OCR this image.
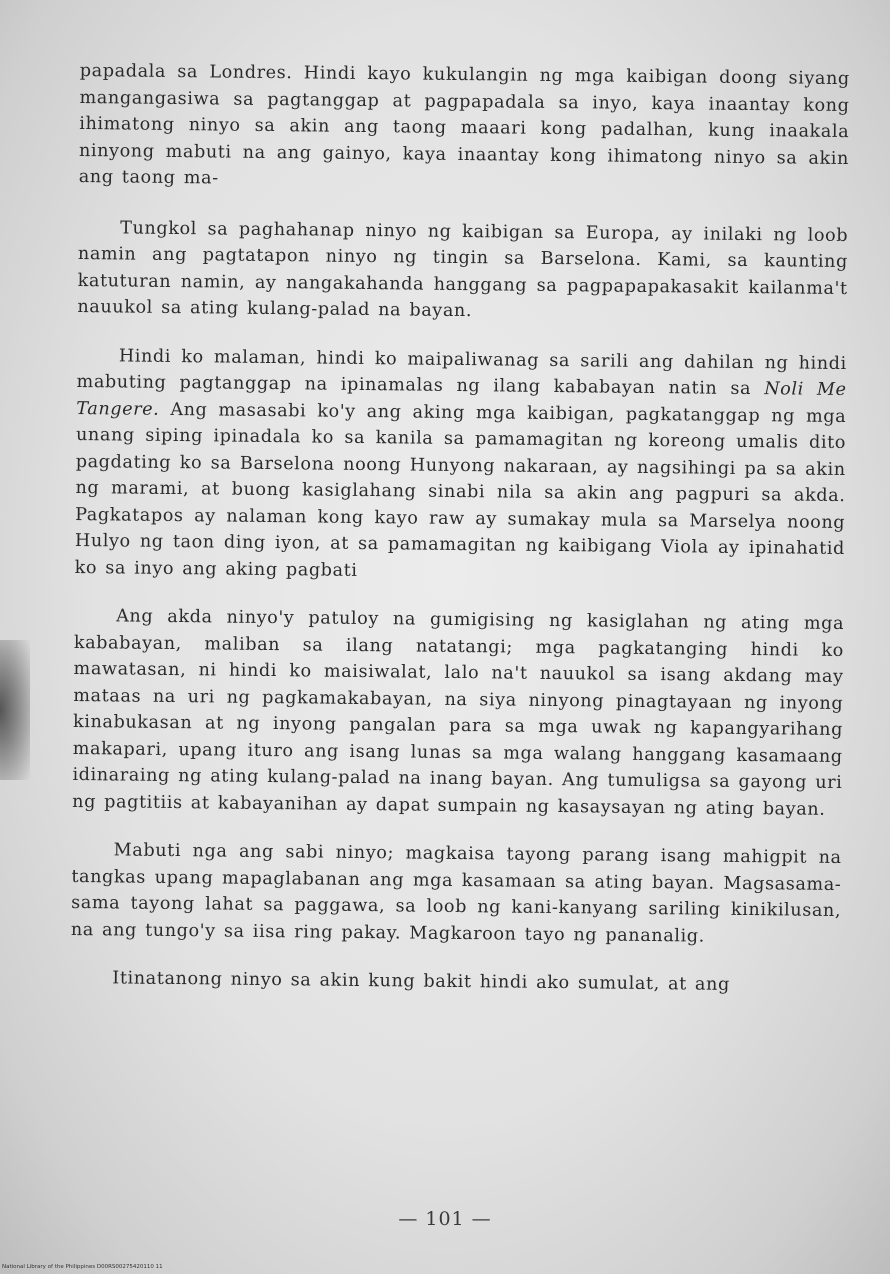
papadala sa Londres. Hindi kayo kukulangin ng mga kaibigan doong siyang mangangasiwa sa pagtanggap at pagpapadala sa inyo, kaya inaantay kong ihimatong ninyo sa akin ang taong maaari kong padalhan, kung inaakala ninyong mabuti na ang gainyo, kaya inaantay kong ihimatong ninyo sa akin ang taong ma-

Tungkol sa paghahanap ninyo ng kaibigan sa Europa, ay inilaki ng loob namin ang pagtatapon ninyo ng tingin sa Barselona. Kami, sa kaunting katuturan namin, ay nangakahanda hanggang sa pagpapapakasakit kailanma't nauukol sa ating kulang-palad na bayan.

Hindi ko malaman, hindi ko maipaliwanag sa sarili ang dahilan ng hindi mabuting pagtanggap na ipinamalas ng ilang kababayan natin sa Noli Me Tangere. Ang masasabi ko'y ang aking mga kaibigan, pagkatanggap ng mga unang siping ipinadala ko sa kanila sa pamamagitan ng koreong umalis dito pagdating ko sa Barselona noong Hunyong nakaraan, ay nagsihingi pa sa akin ng marami, at buong kasiglahang sinabi nila sa akin ang pagpuri sa akda. Pagkatapos ay nalaman kong kayo raw ay sumakay mula sa Marselya noong Hulyo ng taon ding iyon, at sa pamamagitan ng kaibigang Viola ay ipinahatid ko sa inyo ang aking pagbati

Ang akda ninyo'y patuloy na gumigising ng kasiglahan ng ating mga kababayan, maliban sa ilang natatangi; mga pagkatanging hindi ko mawatasan, ni hindi ko maisiwalat, lalo na't nauukol sa isang akdang may mataas na uri ng pagkamakabayan, na siya ninyong pinagtayaan ng inyong kinabukasan at ng inyong pangalan para sa mga uwak ng kapangyarihang makapari, upang ituro ang isang lunas sa mga walang hanggang kasamaang idinaraing ng ating kulang-palad na inang bayan. Ang tumuligsa sa gayong uri ng pagtitiis at kabayanihan ay dapat sumpain ng kasaysayan ng ating bayan.

Mabuti nga ang sabi ninyo; magkaisa tayong parang isang mahigpit na tangkas upang mapaglabanan ang mga kasamaan sa ating bayan. Magsasama-sama tayong lahat sa paggawa, sa loob ng kani-kanyang sariling kinikilusan, na ang tungo'y sa iisa ring pakay. Magkaroon tayo ng pananalig.

Itinatanong ninyo sa akin kung bakit hindi ako sumulat, at ang

— 101 —
National Library of the Philippines D00RS00275420110 11
